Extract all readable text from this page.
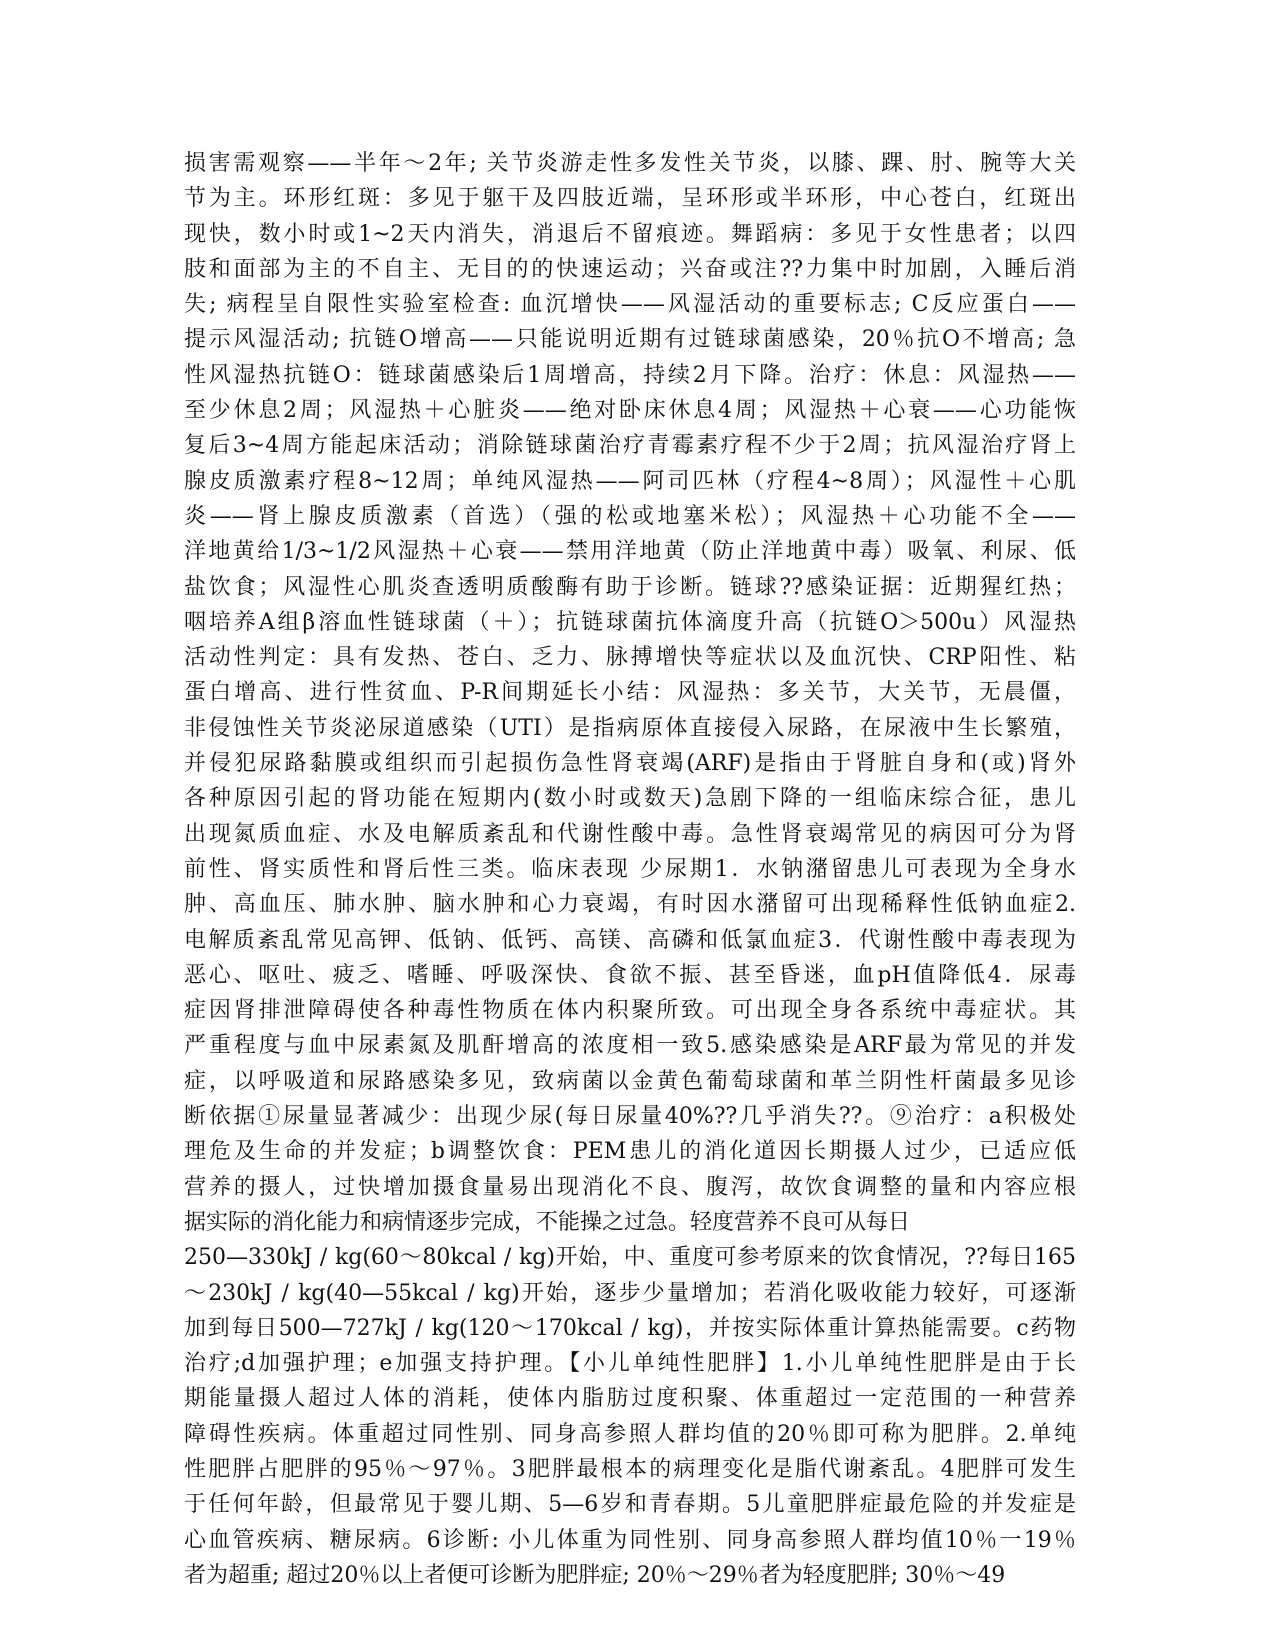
损害需观察——半年～2年; 关节炎游走性多发性关节炎，以膝、踝、肘、腕等大关
节为主。环形红斑：多见于躯干及四肢近端，呈环形或半环形，中心苍白，红斑出
现快，数小时或1~2天内消失，消退后不留痕迹。舞蹈病：多见于女性患者；以四
肢和面部为主的不自主、无目的的快速运动；兴奋或注??力集中时加剧，入睡后消
失; 病程呈自限性实验室检查: 血沉增快——风湿活动的重要标志; C反应蛋白——
提示风湿活动; 抗链O增高——只能说明近期有过链球菌感染，20％抗O不增高; 急
性风湿热抗链O：链球菌感染后1周增高，持续2月下降。治疗：休息：风湿热——
至少休息2周；风湿热＋心脏炎——绝对卧床休息4周；风湿热＋心衰——心功能恢
复后3~4周方能起床活动；消除链球菌治疗青霉素疗程不少于2周；抗风湿治疗肾上
腺皮质激素疗程8~12周；单纯风湿热——阿司匹林（疗程4~8周）；风湿性＋心肌
炎——肾上腺皮质激素（首选）（强的松或地塞米松）；风湿热＋心功能不全——
洋地黄给1/3~1/2风湿热＋心衰——禁用洋地黄（防止洋地黄中毒）吸氧、利尿、低
盐饮食；风湿性心肌炎查透明质酸酶有助于诊断。链球??感染证据：近期猩红热；
咽培养A组β溶血性链球菌（＋）；抗链球菌抗体滴度升高（抗链O＞500u）风湿热
活动性判定：具有发热、苍白、乏力、脉搏增快等症状以及血沉快、CRP阳性、粘
蛋白增高、进行性贫血、P-R间期延长小结：风湿热：多关节，大关节，无晨僵，
非侵蚀性关节炎泌尿道感染（UTI）是指病原体直接侵入尿路，在尿液中生长繁殖，
并侵犯尿路黏膜或组织而引起损伤急性肾衰竭(ARF)是指由于肾脏自身和(或)肾外
各种原因引起的肾功能在短期内(数小时或数天)急剧下降的一组临床综合征，患儿
出现氮质血症、水及电解质紊乱和代谢性酸中毒。急性肾衰竭常见的病因可分为肾
前性、肾实质性和肾后性三类。临床表现 少尿期1．水钠潴留患儿可表现为全身水
肿、高血压、肺水肿、脑水肿和心力衰竭，有时因水潴留可出现稀释性低钠血症2.
电解质紊乱常见高钾、低钠、低钙、高镁、高磷和低氯血症3．代谢性酸中毒表现为
恶心、呕吐、疲乏、嗜睡、呼吸深快、食欲不振、甚至昏迷，血pH值降低4．尿毒
症因肾排泄障碍使各种毒性物质在体内积聚所致。可出现全身各系统中毒症状。其
严重程度与血中尿素氮及肌酐增高的浓度相一致5.感染感染是ARF最为常见的并发
症，以呼吸道和尿路感染多见，致病菌以金黄色葡萄球菌和革兰阴性杆菌最多见诊
断依据①尿量显著减少：出现少尿(每日尿量40%??几乎消失??。⑨治疗：a积极处
理危及生命的并发症；b调整饮食：PEM患儿的消化道因长期摄人过少，已适应低
营养的摄人，过快增加摄食量易出现消化不良、腹泻，故饮食调整的量和内容应根
据实际的消化能力和病情逐步完成，不能操之过急。轻度营养不良可从每日
250—330kJ / kg(60～80kcal / kg)开始，中、重度可参考原来的饮食情况，??每日165
～230kJ / kg(40—55kcal / kg)开始，逐步少量增加；若消化吸收能力较好，可逐渐
加到每日500—727kJ / kg(120～170kcal / kg)，并按实际体重计算热能需要。c药物
治疗;d加强护理；e加强支持护理。【小儿单纯性肥胖】1.小儿单纯性肥胖是由于长
期能量摄人超过人体的消耗，使体内脂肪过度积聚、体重超过一定范围的一种营养
障碍性疾病。体重超过同性别、同身高参照人群均值的20％即可称为肥胖。2.单纯
性肥胖占肥胖的95％～97％。3肥胖最根本的病理变化是脂代谢紊乱。4肥胖可发生
于任何年龄，但最常见于婴儿期、5—6岁和青春期。5儿童肥胖症最危险的并发症是
心血管疾病、糖尿病。6诊断: 小儿体重为同性别、同身高参照人群均值10％一19％
者为超重; 超过20％以上者便可诊断为肥胖症; 20％～29％者为轻度肥胖; 30％～49
